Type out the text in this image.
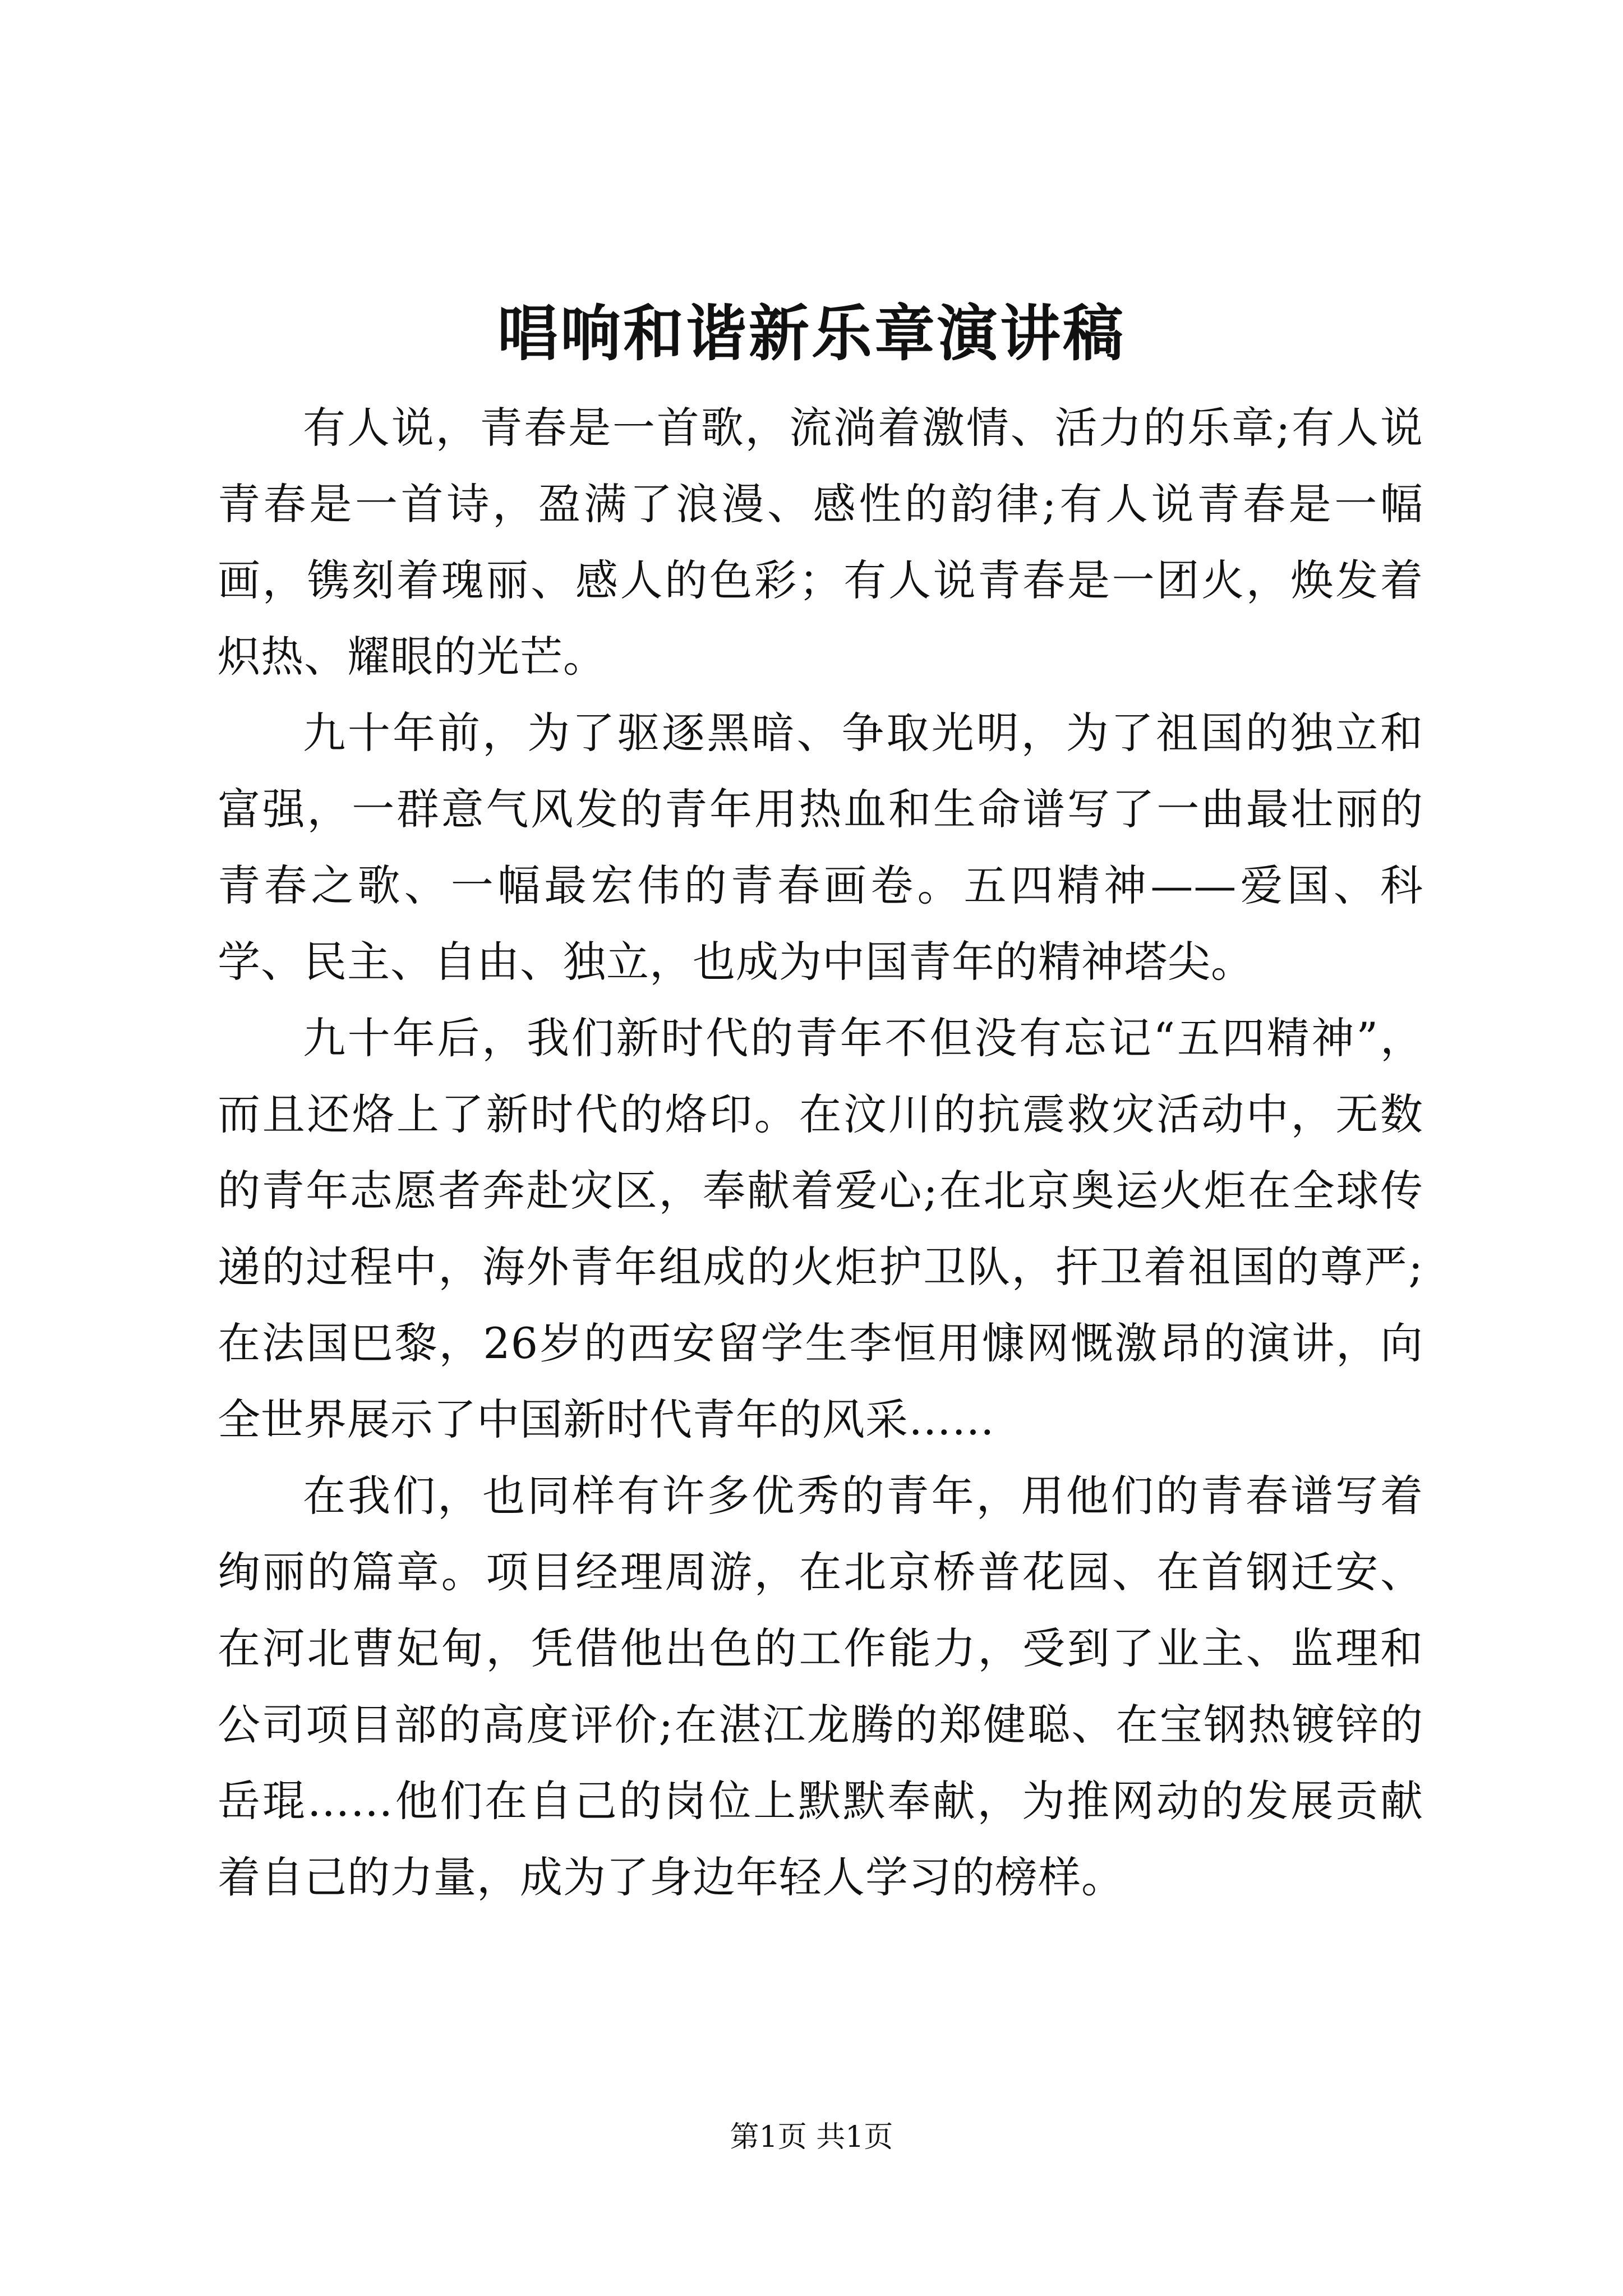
唱响和谐新乐章演讲稿

有人说，青春是一首歌，流淌着激情、活力的乐章;有人说青春是一首诗，盈满了浪漫、感性的韵律;有人说青春是一幅画，镌刻着瑰丽、感人的色彩；有人说青春是一团火，焕发着炽热、耀眼的光芒。

九十年前，为了驱逐黑暗、争取光明，为了祖国的独立和富强，一群意气风发的青年用热血和生命谱写了一曲最壮丽的青春之歌、一幅最宏伟的青春画卷。五四精神——爱国、科学、民主、自由、独立，也成为中国青年的精神塔尖。

九十年后，我们新时代的青年不但没有忘记“五四精神”，而且还烙上了新时代的烙印。在汶川的抗震救灾活动中，无数的青年志愿者奔赴灾区，奉献着爱心;在北京奥运火炬在全球传递的过程中，海外青年组成的火炬护卫队，扞卫着祖国的尊严;在法国巴黎，26岁的西安留学生李恒用慷网慨激昂的演讲，向全世界展示了中国新时代青年的风采……

在我们，也同样有许多优秀的青年，用他们的青春谱写着绚丽的篇章。项目经理周游，在北京桥普花园、在首钢迁安、在河北曹妃甸，凭借他出色的工作能力，受到了业主、监理和公司项目部的高度评价;在湛江龙腾的郑健聪、在宝钢热镀锌的岳琨……他们在自己的岗位上默默奉献，为推网动的发展贡献着自己的力量，成为了身边年轻人学习的榜样。

第1页 共1页
